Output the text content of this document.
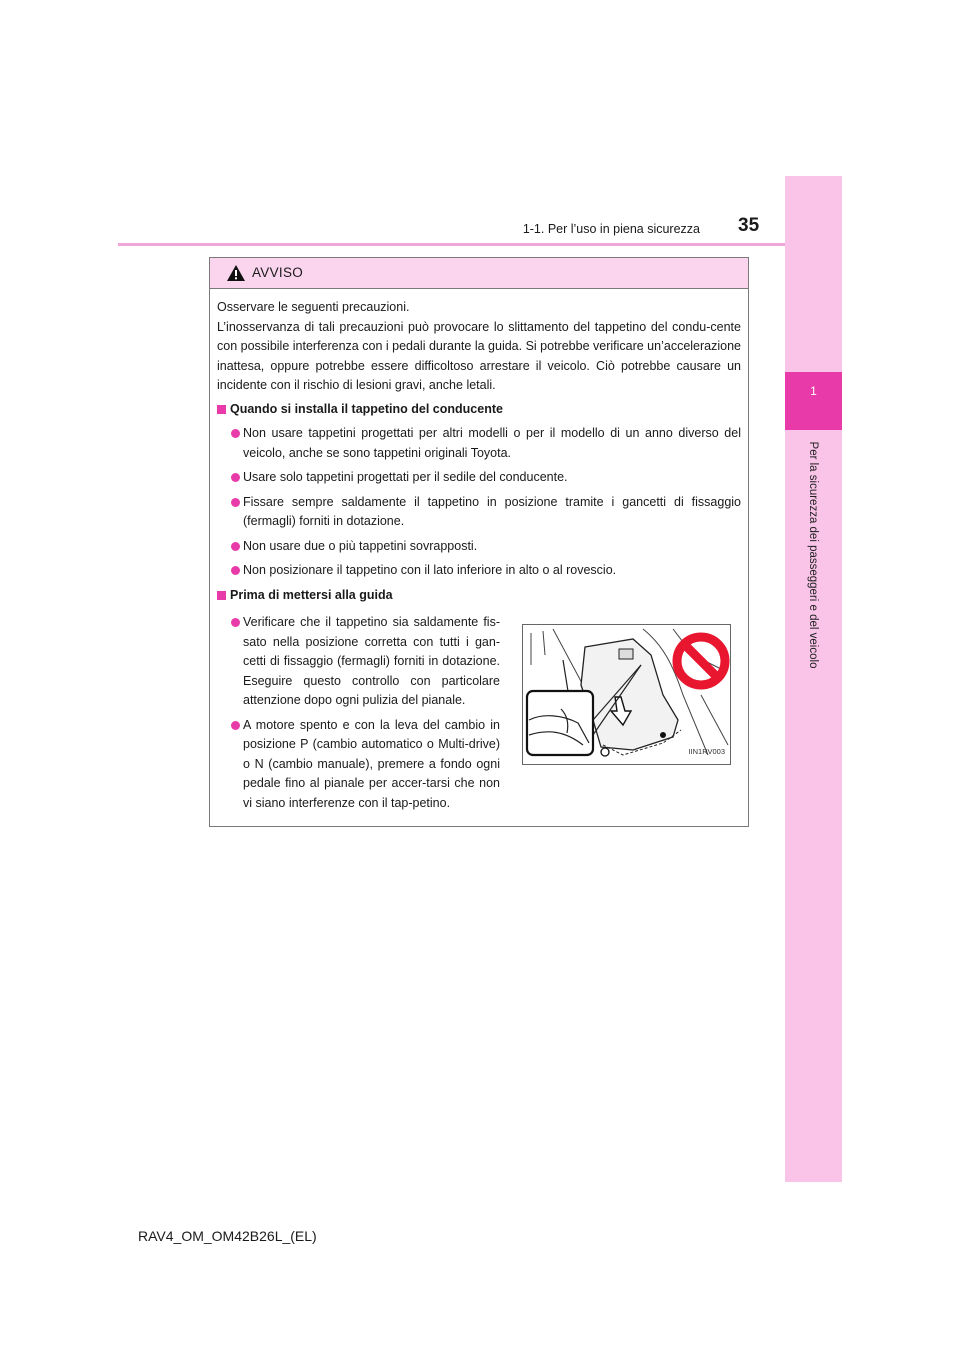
1
Per la sicurezza dei passeggeri e del veicolo
1-1. Per l’uso in piena sicurezza 35
AVVISO

Osservare le seguenti precauzioni.
L’inosservanza di tali precauzioni può provocare lo slittamento del tappetino del condu-cente con possibile interferenza con i pedali durante la guida. Si potrebbe verificare un’accelerazione inattesa, oppure potrebbe essere difficoltoso arrestare il veicolo. Ciò potrebbe causare un incidente con il rischio di lesioni gravi, anche letali.

Quando si installa il tappetino del conducente
Non usare tappetini progettati per altri modelli o per il modello di un anno diverso del veicolo, anche se sono tappetini originali Toyota.
Usare solo tappetini progettati per il sedile del conducente.
Fissare sempre saldamente il tappetino in posizione tramite i gancetti di fissaggio (fermagli) forniti in dotazione.
Non usare due o più tappetini sovrapposti.
Non posizionare il tappetino con il lato inferiore in alto o al rovescio.
Prima di mettersi alla guida
Verificare che il tappetino sia saldamente fis-sato nella posizione corretta con tutti i gan-cetti di fissaggio (fermagli) forniti in dotazione. Eseguire questo controllo con particolare attenzione dopo ogni pulizia del pianale.
A motore spento e con la leva del cambio in posizione P (cambio automatico o Multi-drive) o N (cambio manuale), premere a fondo ogni pedale fino al pianale per accer-tarsi che non vi siano interferenze con il tap-petino.
IIN1RV003
RAV4_OM_OM42B26L_(EL)
